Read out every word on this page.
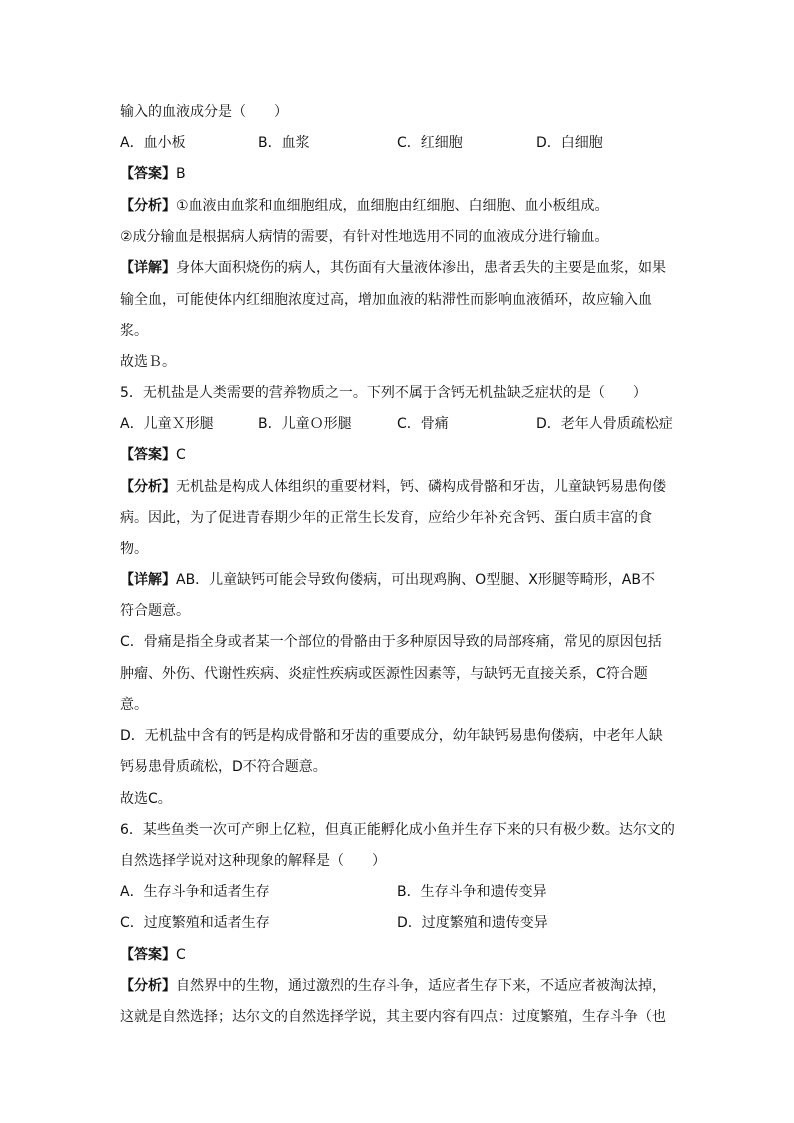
输入的血液成分是（　　）
A．血小板	B．血浆	C．红细胞	D．白细胞
【答案】B
【分析】①血液由血浆和血细胞组成，血细胞由红细胞、白细胞、血小板组成。
②成分输血是根据病人病情的需要，有针对性地选用不同的血液成分进行输血。
【详解】身体大面积烧伤的病人，其伤面有大量液体渗出，患者丢失的主要是血浆，如果
输全血，可能使体内红细胞浓度过高，增加血液的粘滞性而影响血液循环，故应输入血
浆。
故选Ｂ。
5．无机盐是人类需要的营养物质之一。下列不属于含钙无机盐缺乏症状的是（　　）
A．儿童Ｘ形腿	B．儿童Ｏ形腿	C．骨痛	D．老年人骨质疏松症
【答案】C
【分析】无机盐是构成人体组织的重要材料，钙、磷构成骨骼和牙齿，儿童缺钙易患佝偻
病。因此，为了促进青春期少年的正常生长发育，应给少年补充含钙、蛋白质丰富的食
物。
【详解】AB．儿童缺钙可能会导致佝偻病，可出现鸡胸、O型腿、X形腿等畸形，AB不
符合题意。
C．骨痛是指全身或者某一个部位的骨骼由于多种原因导致的局部疼痛，常见的原因包括
肿瘤、外伤、代谢性疾病、炎症性疾病或医源性因素等，与缺钙无直接关系，C符合题
意。
D．无机盐中含有的钙是构成骨骼和牙齿的重要成分，幼年缺钙易患佝偻病，中老年人缺
钙易患骨质疏松，D不符合题意。
故选C。
6．某些鱼类一次可产卵上亿粒，但真正能孵化成小鱼并生存下来的只有极少数。达尔文的
自然选择学说对这种现象的解释是（　　）
A．生存斗争和适者生存	B．生存斗争和遗传变异
C．过度繁殖和适者生存	D．过度繁殖和遗传变异
【答案】C
【分析】自然界中的生物，通过激烈的生存斗争，适应者生存下来，不适应者被淘汰掉，
这就是自然选择；达尔文的自然选择学说，其主要内容有四点：过度繁殖，生存斗争（也
